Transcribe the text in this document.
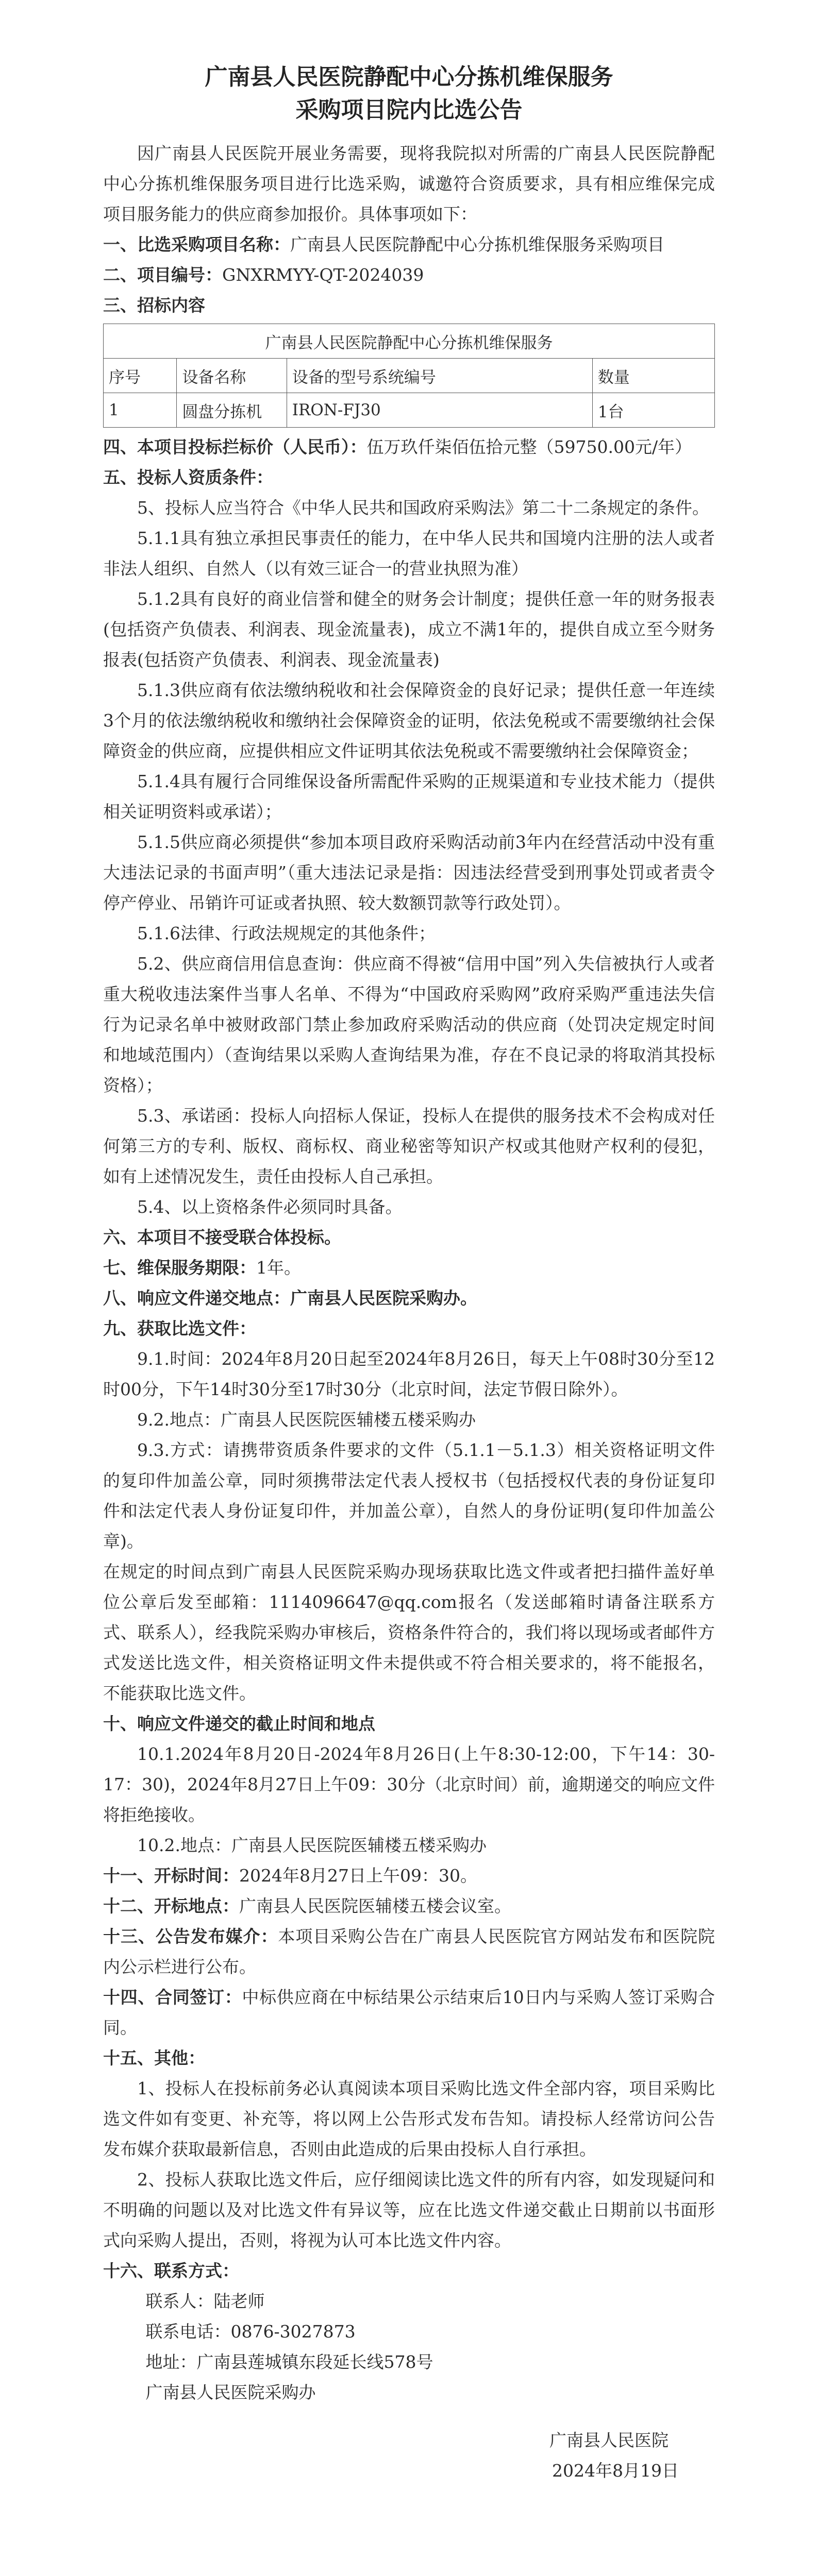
广南县人民医院静配中心分拣机维保服务
采购项目院内比选公告

因广南县人民医院开展业务需要，现将我院拟对所需的广南县人民医院静配中心分拣机维保服务项目进行比选采购，诚邀符合资质要求，具有相应维保完成项目服务能力的供应商参加报价。具体事项如下：

一、比选采购项目名称：广南县人民医院静配中心分拣机维保服务采购项目

二、项目编号：GNXRMYY-QT-2024039

三、招标内容

广南县人民医院静配中心分拣机维保服务			
序号	设备名称	设备的型号系统编号	数量
1	圆盘分拣机	IRON-FJ30	1台

四、本项目投标拦标价（人民币）：伍万玖仟柒佰伍拾元整（59750.00元/年）

五、投标人资质条件：

5、投标人应当符合《中华人民共和国政府采购法》第二十二条规定的条件。

5.1.1具有独立承担民事责任的能力，在中华人民共和国境内注册的法人或者非法人组织、自然人（以有效三证合一的营业执照为准）

5.1.2具有良好的商业信誉和健全的财务会计制度；提供任意一年的财务报表(包括资产负债表、利润表、现金流量表)，成立不满1年的，提供自成立至今财务报表(包括资产负债表、利润表、现金流量表)

5.1.3供应商有依法缴纳税收和社会保障资金的良好记录；提供任意一年连续3个月的依法缴纳税收和缴纳社会保障资金的证明，依法免税或不需要缴纳社会保障资金的供应商，应提供相应文件证明其依法免税或不需要缴纳社会保障资金；

5.1.4具有履行合同维保设备所需配件采购的正规渠道和专业技术能力（提供相关证明资料或承诺）；

5.1.5供应商必须提供“参加本项目政府采购活动前3年内在经营活动中没有重大违法记录的书面声明”（重大违法记录是指：因违法经营受到刑事处罚或者责令停产停业、吊销许可证或者执照、较大数额罚款等行政处罚）。

5.1.6法律、行政法规规定的其他条件；

5.2、供应商信用信息查询：供应商不得被“信用中国”列入失信被执行人或者重大税收违法案件当事人名单、不得为“中国政府采购网”政府采购严重违法失信行为记录名单中被财政部门禁止参加政府采购活动的供应商（处罚决定规定时间和地域范围内）（查询结果以采购人查询结果为准，存在不良记录的将取消其投标资格）；

5.3、承诺函：投标人向招标人保证，投标人在提供的服务技术不会构成对任何第三方的专利、版权、商标权、商业秘密等知识产权或其他财产权利的侵犯，如有上述情况发生，责任由投标人自己承担。

5.4、以上资格条件必须同时具备。

六、本项目不接受联合体投标。

七、维保服务期限：1年。

八、响应文件递交地点：广南县人民医院采购办。

九、获取比选文件：

9.1.时间：2024年8月20日起至2024年8月26日，每天上午08时30分至12时00分，下午14时30分至17时30分（北京时间，法定节假日除外）。

9.2.地点：广南县人民医院医辅楼五楼采购办

9.3.方式：请携带资质条件要求的文件（5.1.1－5.1.3）相关资格证明文件的复印件加盖公章，同时须携带法定代表人授权书（包括授权代表的身份证复印件和法定代表人身份证复印件，并加盖公章），自然人的身份证明(复印件加盖公章)。

在规定的时间点到广南县人民医院采购办现场获取比选文件或者把扫描件盖好单位公章后发至邮箱：1114096647@qq.com报名（发送邮箱时请备注联系方式、联系人），经我院采购办审核后，资格条件符合的，我们将以现场或者邮件方式发送比选文件，相关资格证明文件未提供或不符合相关要求的，将不能报名，不能获取比选文件。

十、响应文件递交的截止时间和地点

10.1.2024年8月20日-2024年8月26日(上午8:30-12:00，下午14：30-17：30)，2024年8月27日上午09：30分（北京时间）前，逾期递交的响应文件将拒绝接收。

10.2.地点：广南县人民医院医辅楼五楼采购办

十一、开标时间：2024年8月27日上午09：30。

十二、开标地点：广南县人民医院医辅楼五楼会议室。

十三、公告发布媒介：本项目采购公告在广南县人民医院官方网站发布和医院院内公示栏进行公布。

十四、合同签订：中标供应商在中标结果公示结束后10日内与采购人签订采购合同。

十五、其他：

1、投标人在投标前务必认真阅读本项目采购比选文件全部内容，项目采购比选文件如有变更、补充等，将以网上公告形式发布告知。请投标人经常访问公告发布媒介获取最新信息，否则由此造成的后果由投标人自行承担。

2、投标人获取比选文件后，应仔细阅读比选文件的所有内容，如发现疑问和不明确的问题以及对比选文件有异议等，应在比选文件递交截止日期前以书面形式向采购人提出，否则，将视为认可本比选文件内容。

十六、联系方式：

联系人：陆老师

联系电话：0876-3027873

地址：广南县莲城镇东段延长线578号

广南县人民医院采购办

广南县人民医院

2024年8月19日
